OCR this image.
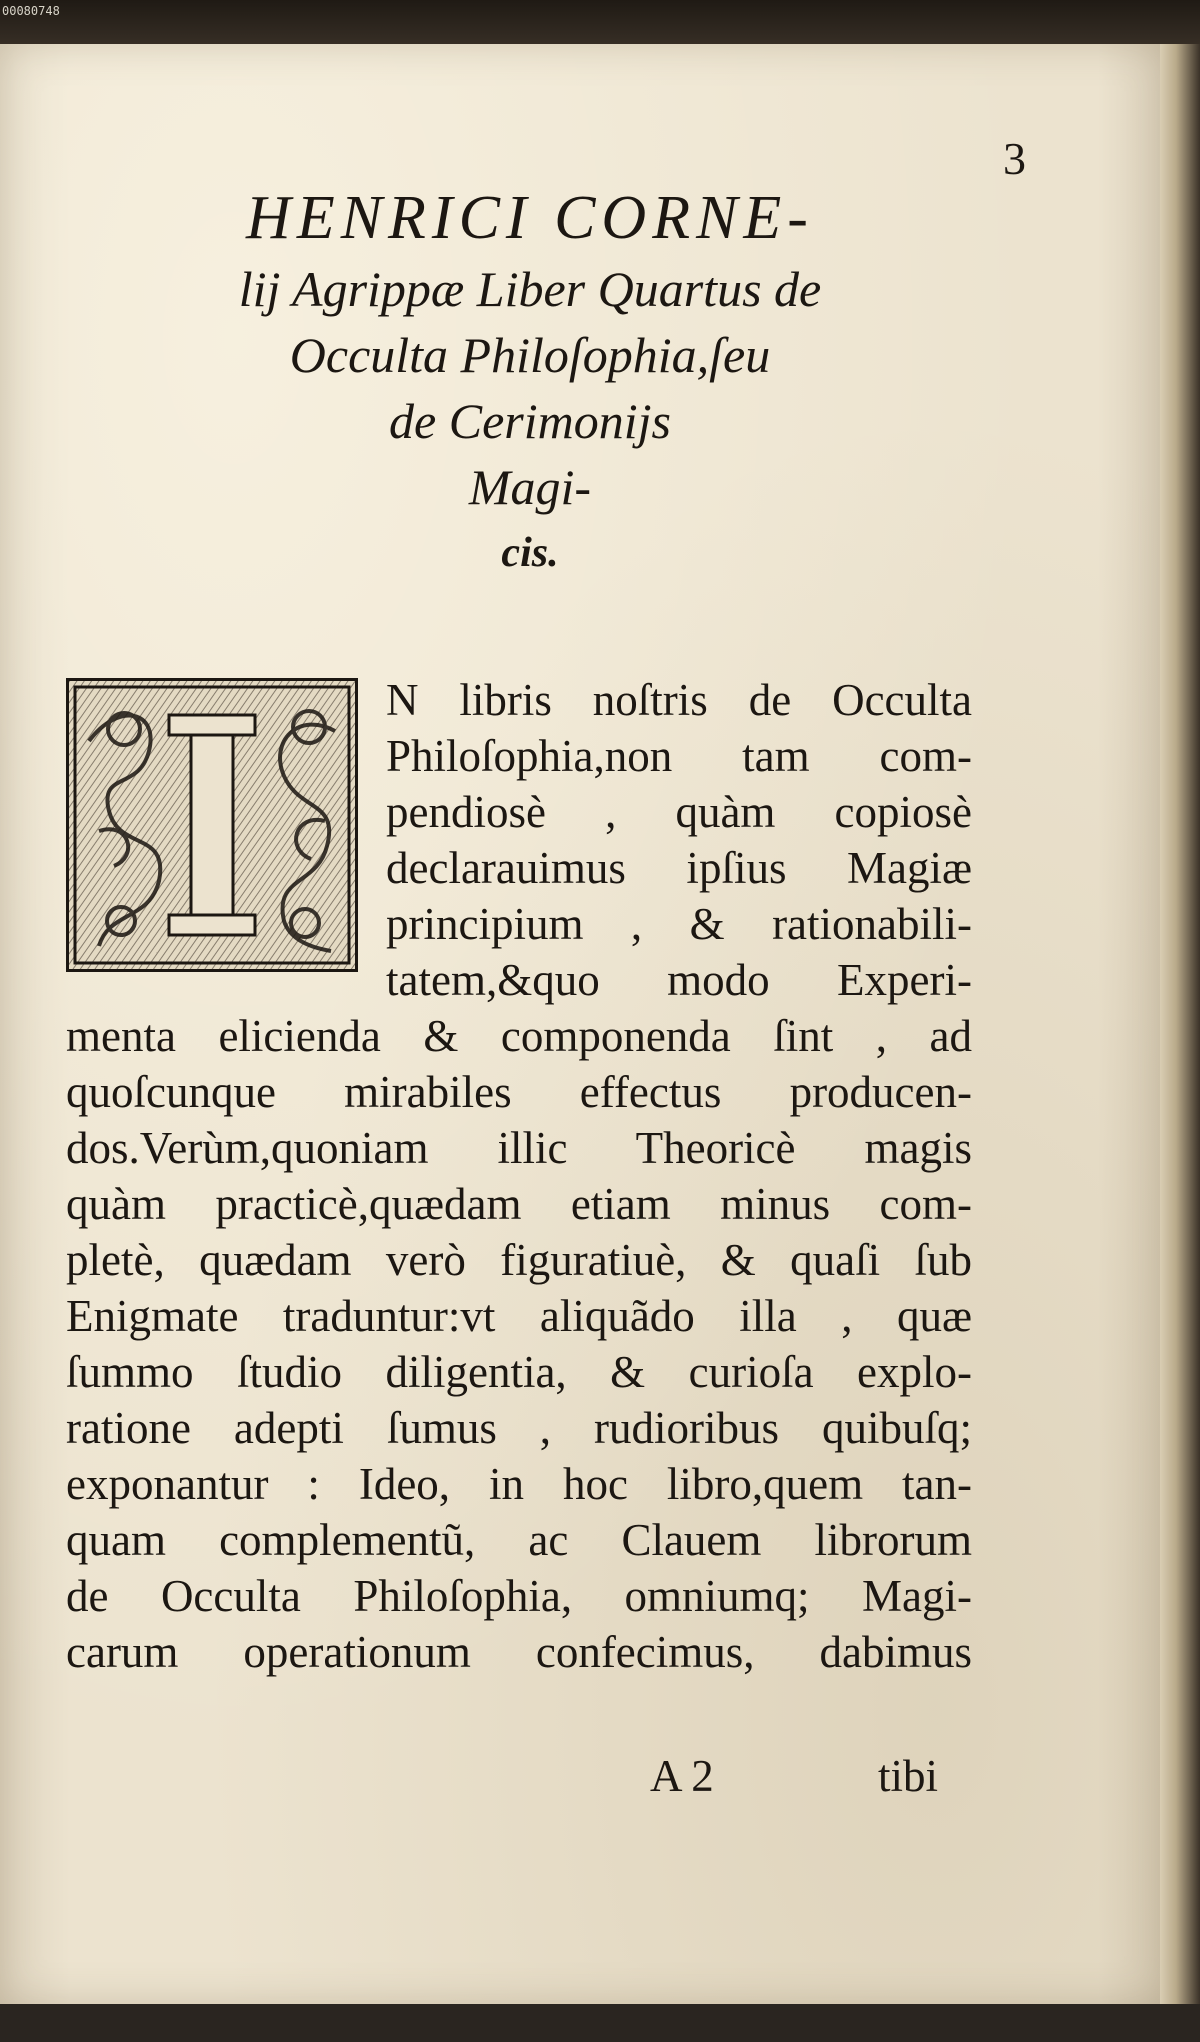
00080748
3
HENRICI CORNE-
lij Agrippæ Liber Quartus de
Occulta Philoſophia,ſeu
de Cerimonijs
Magi-
cis.
N libris noſtris de Occulta
Philoſophia,non tam com-
pendiosè , quàm copiosè
declarauimus ipſius Magiæ
principium , & rationabili-
tatem,&quo modo Experi-
menta elicienda & componenda ſint , ad
quoſcunque mirabiles effectus producen-
dos.Verùm,quoniam illic Theoricè magis
quàm practicè,quædam etiam minus com-
pletè, quædam verò figuratiuè, & quaſi ſub
Enigmate traduntur:vt aliquãdo illa , quæ
ſummo ſtudio diligentia, & curioſa explo-
ratione adepti ſumus , rudioribus quibuſq;
exponantur : Ideo, in hoc libro,quem tan-
quam complementũ, ac Clauem librorum
de Occulta Philoſophia, omniumq; Magi-
carum operationum confecimus, dabimus
A 2	tibi
